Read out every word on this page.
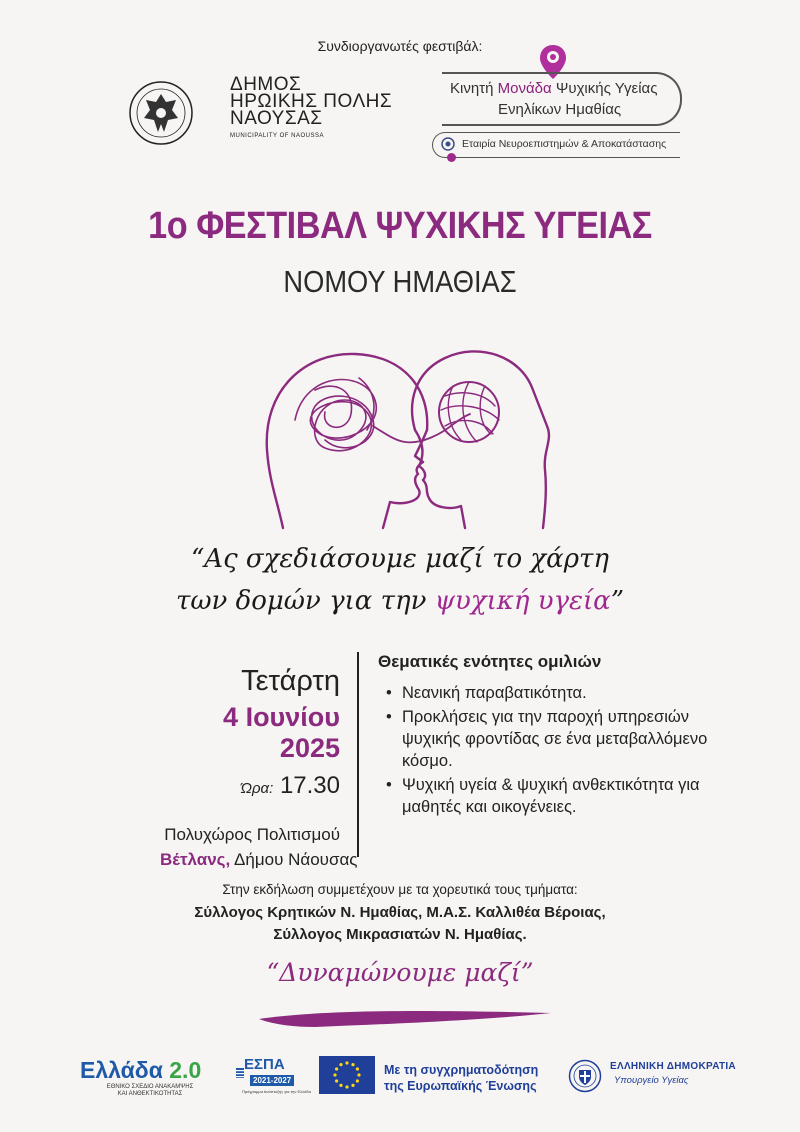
Συνδιοργανωτές φεστιβάλ:
ΔΗΜΟΣ
ΗΡΩΙΚΗΣ ΠΟΛΗΣ
ΝΑΟΥΣΑΣ
MUNICIPALITY OF NAOUSSA
Κινητή Μονάδα Ψυχικής Υγείας
Ενηλίκων Ημαθίας
Εταιρία Νευροεπιστημών & Αποκατάστασης
1ο ΦΕΣΤΙΒΑΛ ΨΥΧΙΚΗΣ ΥΓΕΙΑΣ
ΝΟΜΟΥ ΗΜΑΘΙΑΣ
“Ας σχεδιάσουμε μαζί το χάρτη
των δομών για την ψυχική υγεία”
Τετάρτη
4 Ιουνίου 2025
Ώρα: 17.30
Πολυχώρος Πολιτισμού
Βέτλανς, Δήμου Νάουσας
Θεματικές ενότητες ομιλιών
• Νεανική παραβατικότητα.
• Προκλήσεις για την παροχή υπηρεσιών ψυχικής φροντίδας σε ένα μεταβαλλόμενο κόσμο.
• Ψυχική υγεία & ψυχική ανθεκτικότητα για μαθητές και οικογένειες.
Στην εκδήλωση συμμετέχουν με τα χορευτικά τους τμήματα:
Σύλλογος Κρητικών Ν. Ημαθίας, Μ.Α.Σ. Καλλιθέα Βέροιας,
Σύλλογος Μικρασιατών Ν. Ημαθίας.
“Δυναμώνουμε μαζί”
Ελλάδα 2.0
ΕΘΝΙΚΟ ΣΧΕΔΙΟ ΑΝΑΚΑΜΨΗΣ
ΚΑΙ ΑΝΘΕΚΤΙΚΟΤΗΤΑΣ
ΕΣΠΑ
2021-2027
Πρόγραμμα Ανάπτυξης για την Ελλάδα
Με τη συγχρηματοδότηση
της Ευρωπαϊκής Ένωσης
ΕΛΛΗΝΙΚΗ ΔΗΜΟΚΡΑΤΙΑ
Υπουργείο Υγείας
